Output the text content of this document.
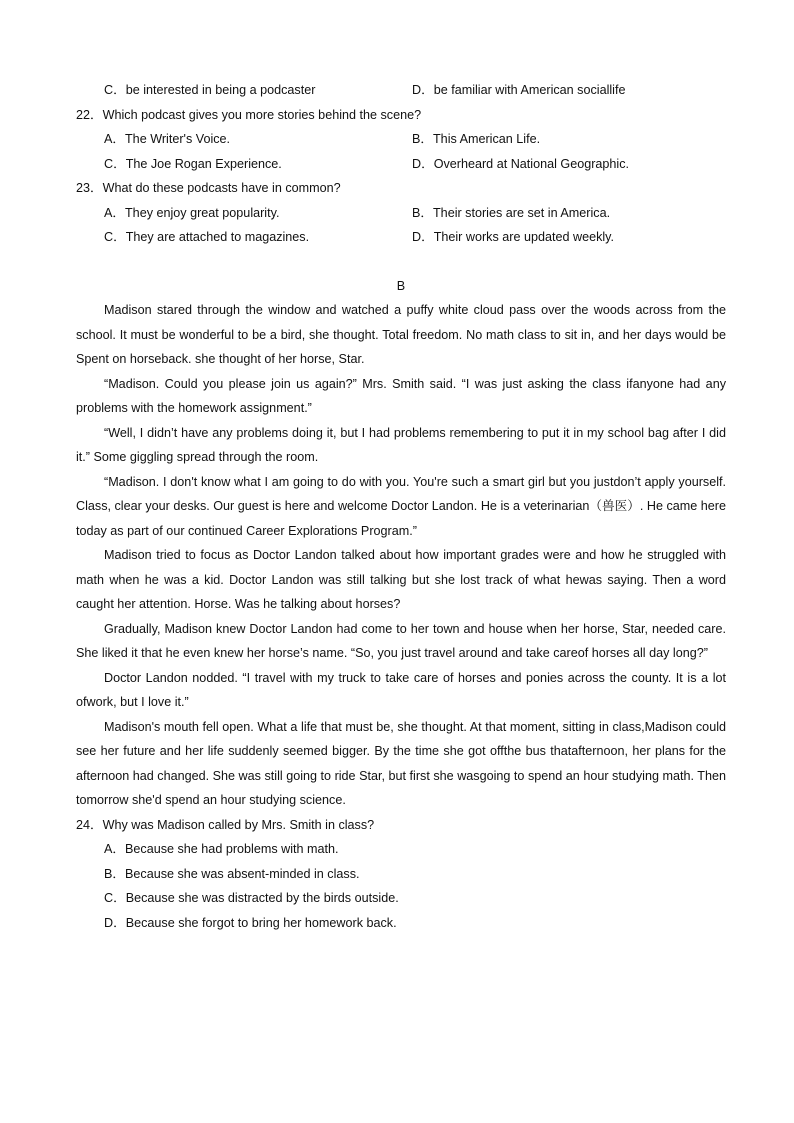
C．be interested in being a podcaster	D．be familiar with American sociallife
22．Which podcast gives you more stories behind the scene?
A．The Writer's Voice.	B．This American Life.
C．The Joe Rogan Experience.	D．Overheard at National Geographic.
23．What do these podcasts have in common?
A．They enjoy great popularity.	B．Their stories are set in America.
C．They are attached to magazines.	D．Their works are updated weekly.
B

Madison stared through the window and watched a puffy white cloud pass over the woods across from the school. It must be wonderful to be a bird, she thought. Total freedom. No math class to sit in, and her days would be Spent on horseback. she thought of her horse, Star.

“Madison. Could you please join us again?” Mrs. Smith said. “I was just asking the class ifanyone had any problems with the homework assignment.”

“Well, I didn’t have any problems doing it, but I had problems remembering to put it in my school bag after I did it.” Some giggling spread through the room.

“Madison. I don't know what I am going to do with you. You're such a smart girl but you justdon’t apply yourself. Class, clear your desks. Our guest is here and welcome Doctor Landon. He is a veterinarian（兽医）. He came here today as part of our continued Career Explorations Program.”

Madison tried to focus as Doctor Landon talked about how important grades were and how he struggled with math when he was a kid. Doctor Landon was still talking but she lost track of what hewas saying. Then a word caught her attention. Horse. Was he talking about horses?

Gradually, Madison knew Doctor Landon had come to her town and house when her horse, Star, needed care. She liked it that he even knew her horse’s name. “So, you just travel around and take careof horses all day long?”

Doctor Landon nodded. “I travel with my truck to take care of horses and ponies across the county. It is a lot ofwork, but I love it.”

Madison's mouth fell open. What a life that must be, she thought. At that moment, sitting in class,Madison could see her future and her life suddenly seemed bigger. By the time she got offthe bus thatafternoon, her plans for the afternoon had changed. She was still going to ride Star, but first she wasgoing to spend an hour studying math. Then tomorrow she'd spend an hour studying science.

24．Why was Madison called by Mrs. Smith in class?
A．Because she had problems with math.
B．Because she was absent-minded in class.
C．Because she was distracted by the birds outside.
D．Because she forgot to bring her homework back.
